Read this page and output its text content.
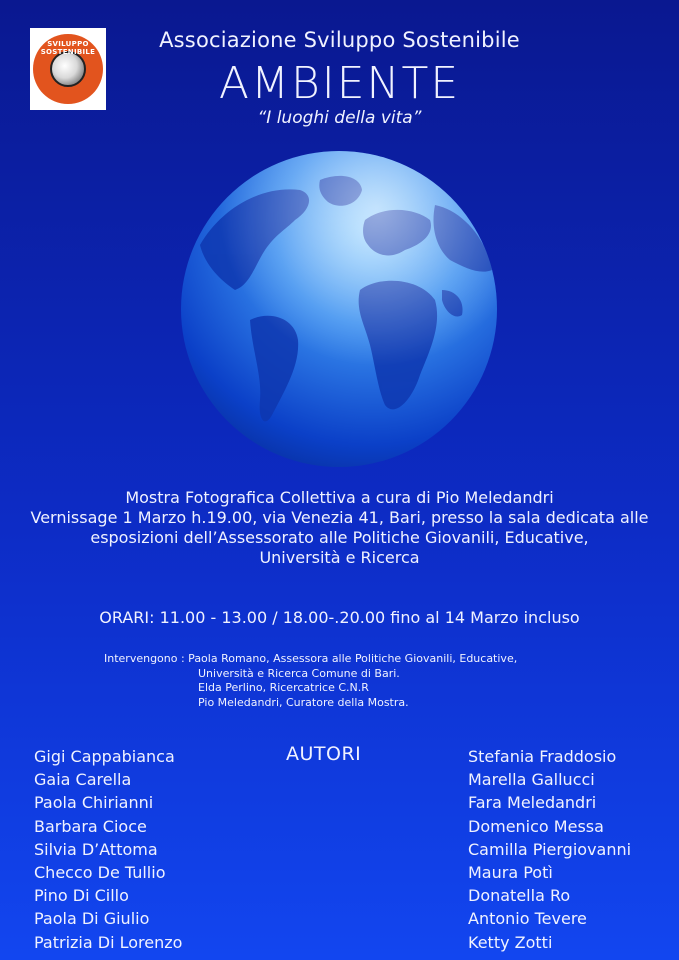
SVILUPPO SOSTENIBILE	Associazione Sviluppo Sostenibile
AMBIENTE
“I luoghi della vita”
Mostra Fotografica Collettiva a cura di Pio Meledandri
Vernissage 1 Marzo h.19.00, via Venezia 41, Bari, presso la sala dedicata alle
esposizioni dell’Assessorato alle Politiche Giovanili, Educative,
Università e Ricerca
ORARI: 11.00 - 13.00 / 18.00-.20.00 fino al 14 Marzo incluso
Intervengono : Paola Romano, Assessora alle Politiche Giovanili, Educative,
Università e Ricerca Comune di Bari.
Elda Perlino, Ricercatrice C.N.R
Pio Meledandri, Curatore della Mostra.
AUTORI
Gigi Cappabianca
Gaia Carella
Paola Chirianni
Barbara Cioce
Silvia D’Attoma
Checco De Tullio
Pino Di Cillo
Paola Di Giulio
Patrizia Di Lorenzo
Stefania Fraddosio
Marella Gallucci
Fara Meledandri
Domenico Messa
Camilla Piergiovanni
Maura Potì
Donatella Ro
Antonio Tevere
Ketty Zotti
